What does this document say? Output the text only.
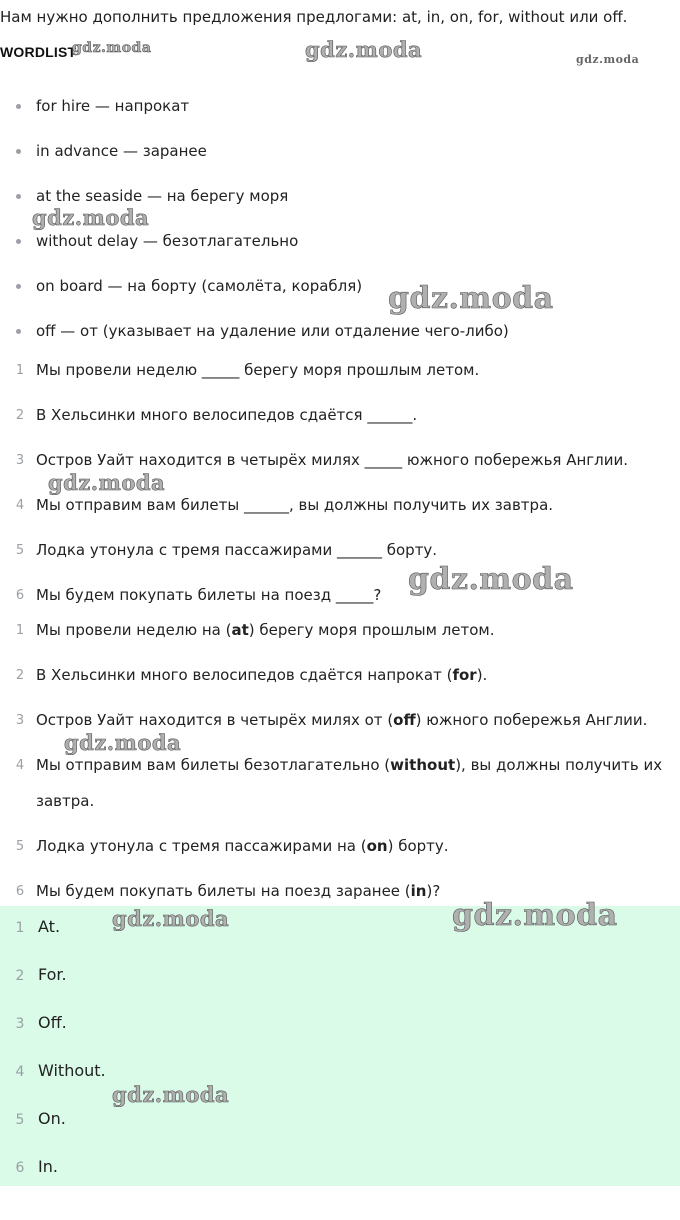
Нам нужно дополнить предложения предлогами: at, in, on, for, without или off.
WORDLIST
for hire — напрокат
in advance — заранее
at the seaside — на берегу моря
without delay — безотлагательно
on board — на борту (самолёта, корабля)
off — от (указывает на удаление или отдаление чего-либо)
1 Мы провели неделю _____ берегу моря прошлым летом.
2 В Хельсинки много велосипедов сдаётся ______.
3 Остров Уайт находится в четырёх милях _____ южного побережья Англии.
4 Мы отправим вам билеты ______, вы должны получить их завтра.
5 Лодка утонула с тремя пассажирами ______ борту.
6 Мы будем покупать билеты на поезд _____?
1 Мы провели неделю на (at) берегу моря прошлым летом.
2 В Хельсинки много велосипедов сдаётся напрокат (for).
3 Остров Уайт находится в четырёх милях от (off) южного побережья Англии.
4 Мы отправим вам билеты безотлагательно (without), вы должны получить их завтра.
5 Лодка утонула с тремя пассажирами на (on) борту.
6 Мы будем покупать билеты на поезд заранее (in)?
1 At.
2 For.
3 Off.
4 Without.
5 On.
6 In.
gdz.moda	gdz.moda	gdz.moda
gdz.moda
gdz.moda
gdz.moda
gdz.moda
gdz.moda
gdz.moda	gdz.moda
gdz.moda
